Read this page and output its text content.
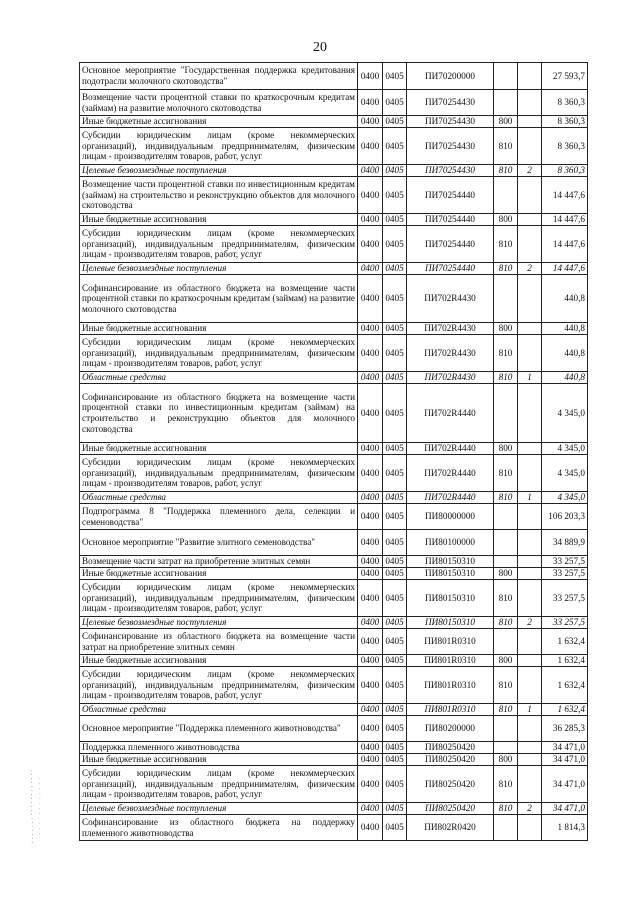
20
Основное мероприятие "Государственная поддержка кредитования подотрасли молочного скотоводства"	0400	0405	ПИ70200000			27 593,7
Возмещение части процентной ставки по краткосрочным кредитам (займам) на развитие молочного скотоводства	0400	0405	ПИ70254430			8 360,3
Иные бюджетные ассигнования	0400	0405	ПИ70254430	800		8 360,3
Субсидии юридическим лицам (кроме некоммерческих организаций), индивидуальным предпринимателям, физическим лицам - производителям товаров, работ, услуг	0400	0405	ПИ70254430	810		8 360,3
Целевые безвозмездные поступления	0400	0405	ПИ70254430	810	2	8 360,3
Возмещение части процентной ставки по инвестиционным кредитам (займам) на строительство и реконструкцию объектов для молочного скотоводства	0400	0405	ПИ70254440			14 447,6
Иные бюджетные ассигнования	0400	0405	ПИ70254440	800		14 447,6
Субсидии юридическим лицам (кроме некоммерческих организаций), индивидуальным предпринимателям, физическим лицам - производителям товаров, работ, услуг	0400	0405	ПИ70254440	810		14 447,6
Целевые безвозмездные поступления	0400	0405	ПИ70254440	810	2	14 447,6
Софинансирование из областного бюджета на возмещение части процентной ставки по краткосрочным кредитам (займам) на развитие молочного скотоводства	0400	0405	ПИ702R4430			440,8
Иные бюджетные ассигнования	0400	0405	ПИ702R4430	800		440,8
Субсидии юридическим лицам (кроме некоммерческих организаций), индивидуальным предпринимателям, физическим лицам - производителям товаров, работ, услуг	0400	0405	ПИ702R4430	810		440,8
Областные средства	0400	0405	ПИ702R4430	810	1	440,8
Софинансирование из областного бюджета на возмещение части процентной ставки по инвестиционным кредитам (займам) на строительство и реконструкцию объектов для молочного скотоводства	0400	0405	ПИ702R4440			4 345,0
Иные бюджетные ассигнования	0400	0405	ПИ702R4440	800		4 345,0
Субсидии юридическим лицам (кроме некоммерческих организаций), индивидуальным предпринимателям, физическим лицам - производителям товаров, работ, услуг	0400	0405	ПИ702R4440	810		4 345,0
Областные средства	0400	0405	ПИ702R4440	810	1	4 345,0
Подпрограмма 8 "Поддержка племенного дела, селекции и семеноводства"	0400	0405	ПИ80000000			106 203,3
Основное мероприятие "Развитие элитного семеноводства"	0400	0405	ПИ80100000			34 889,9
Возмещение части затрат на приобретение элитных семян	0400	0405	ПИ80150310			33 257,5
Иные бюджетные ассигнования	0400	0405	ПИ80150310	800		33 257,5
Субсидии юридическим лицам (кроме некоммерческих организаций), индивидуальным предпринимателям, физическим лицам - производителям товаров, работ, услуг	0400	0405	ПИ80150310	810		33 257,5
Целевые безвозмездные поступления	0400	0405	ПИ80150310	810	2	33 257,5
Софинансирование из областного бюджета на возмещение части затрат на приобретение элитных семян	0400	0405	ПИ801R0310			1 632,4
Иные бюджетные ассигнования	0400	0405	ПИ801R0310	800		1 632,4
Субсидии юридическим лицам (кроме некоммерческих организаций), индивидуальным предпринимателям, физическим лицам - производителям товаров, работ, услуг	0400	0405	ПИ801R0310	810		1 632,4
Областные средства	0400	0405	ПИ801R0310	810	1	1 632,4
Основное мероприятие "Поддержка племенного животноводства"	0400	0405	ПИ80200000			36 285,3
Поддержка племенного животноводства	0400	0405	ПИ80250420			34 471,0
Иные бюджетные ассигнования	0400	0405	ПИ80250420	800		34 471,0
Субсидии юридическим лицам (кроме некоммерческих организаций), индивидуальным предпринимателям, физическим лицам - производителям товаров, работ, услуг	0400	0405	ПИ80250420	810		34 471,0
Целевые безвозмездные поступления	0400	0405	ПИ80250420	810	2	34 471,0
Софинансирование из областного бюджета на поддержку племенного животноводства	0400	0405	ПИ802R0420			1 814,3
